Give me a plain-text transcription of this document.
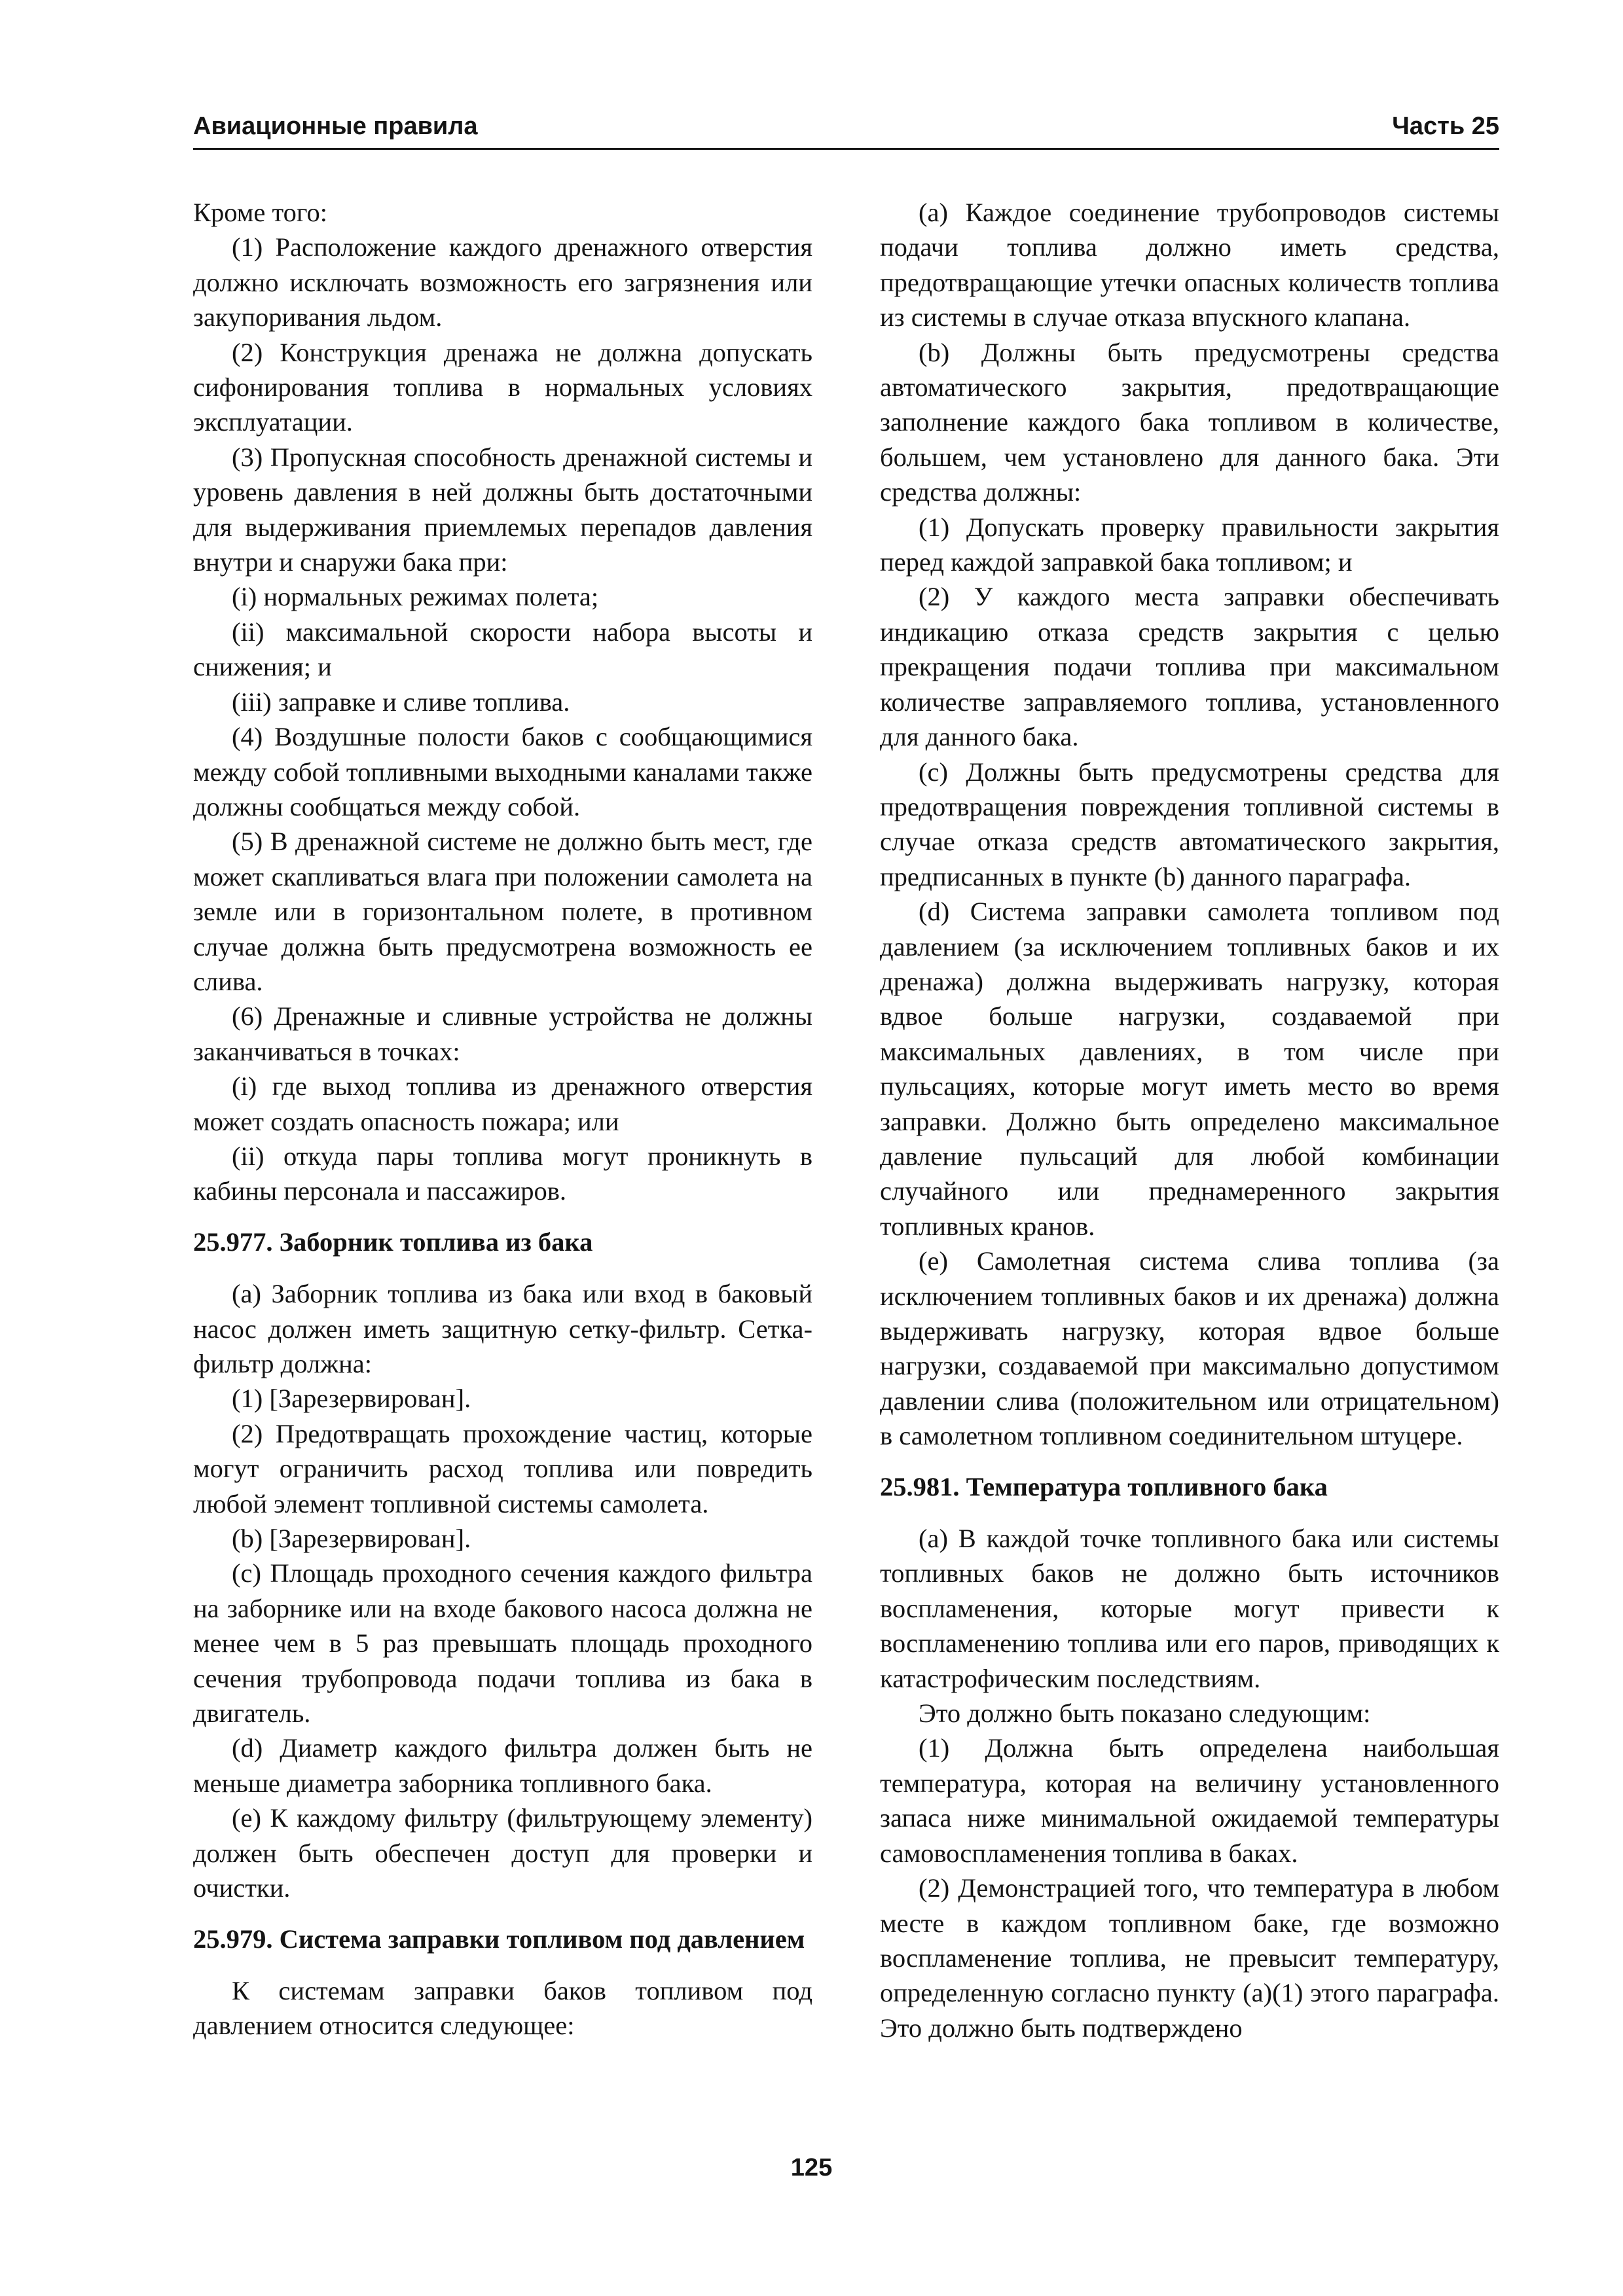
Авиационные правила	Часть 25

Кроме того:

(1) Расположение каждого дренажного отверстия должно исключать возможность его загрязнения или закупоривания льдом.

(2) Конструкция дренажа не должна допускать сифонирования топлива в нормальных условиях эксплуатации.

(3) Пропускная способность дренажной системы и уровень давления в ней должны быть достаточными для выдерживания приемлемых перепадов давления внутри и снаружи бака при:

(i) нормальных режимах полета;

(ii) максимальной скорости набора высоты и снижения; и

(iii) заправке и сливе топлива.

(4) Воздушные полости баков с сообщающимися между собой топливными выходными каналами также должны сообщаться между собой.

(5) В дренажной системе не должно быть мест, где может скапливаться влага при положении самолета на земле или в горизонтальном полете, в противном случае должна быть предусмотрена возможность ее слива.

(6) Дренажные и сливные устройства не должны заканчиваться в точках:

(i) где выход топлива из дренажного отверстия может создать опасность пожара; или

(ii) откуда пары топлива могут проникнуть в кабины персонала и пассажиров.

25.977. Заборник топлива из бака

(a) Заборник топлива из бака или вход в баковый насос должен иметь защитную сетку-фильтр. Сетка-фильтр должна:

(1) [Зарезервирован].

(2) Предотвращать прохождение частиц, которые могут ограничить расход топлива или повредить любой элемент топливной системы самолета.

(b) [Зарезервирован].

(c) Площадь проходного сечения каждого фильтра на заборнике или на входе бакового насоса должна не менее чем в 5 раз превышать площадь проходного сечения трубопровода подачи топлива из бака в двигатель.

(d) Диаметр каждого фильтра должен быть не меньше диаметра заборника топливного бака.

(e) К каждому фильтру (фильтрующему элементу) должен быть обеспечен доступ для проверки и очистки.

25.979. Система заправки топливом под давлением

К системам заправки баков топливом под давлением относится следующее:

(a) Каждое соединение трубопроводов системы подачи топлива должно иметь средства, предотвращающие утечки опасных количеств топлива из системы в случае отказа впускного клапана.

(b) Должны быть предусмотрены средства автоматического закрытия, предотвращающие заполнение каждого бака топливом в количестве, большем, чем установлено для данного бака. Эти средства должны:

(1) Допускать проверку правильности закрытия перед каждой заправкой бака топливом; и

(2) У каждого места заправки обеспечивать индикацию отказа средств закрытия с целью прекращения подачи топлива при максимальном количестве заправляемого топлива, установленного для данного бака.

(c) Должны быть предусмотрены средства для предотвращения повреждения топливной системы в случае отказа средств автоматического закрытия, предписанных в пункте (b) данного параграфа.

(d) Система заправки самолета топливом под давлением (за исключением топливных баков и их дренажа) должна выдерживать нагрузку, которая вдвое больше нагрузки, создаваемой при максимальных давлениях, в том числе при пульсациях, которые могут иметь место во время заправки. Должно быть определено максимальное давление пульсаций для любой комбинации случайного или преднамеренного закрытия топливных кранов.

(e) Самолетная система слива топлива (за исключением топливных баков и их дренажа) должна выдерживать нагрузку, которая вдвое больше нагрузки, создаваемой при максимально допустимом давлении слива (положительном или отрицательном) в самолетном топливном соединительном штуцере.

25.981. Температура топливного бака

(a) В каждой точке топливного бака или системы топливных баков не должно быть источников воспламенения, которые могут привести к воспламенению топлива или его паров, приводящих к катастрофическим последствиям.

Это должно быть показано следующим:

(1) Должна быть определена наибольшая температура, которая на величину установленного запаса ниже минимальной ожидаемой температуры самовоспламенения топлива в баках.

(2) Демонстрацией того, что температура в любом месте в каждом топливном баке, где возможно воспламенение топлива, не превысит температуру, определенную согласно пункту (a)(1) этого параграфа. Это должно быть подтверждено

125
